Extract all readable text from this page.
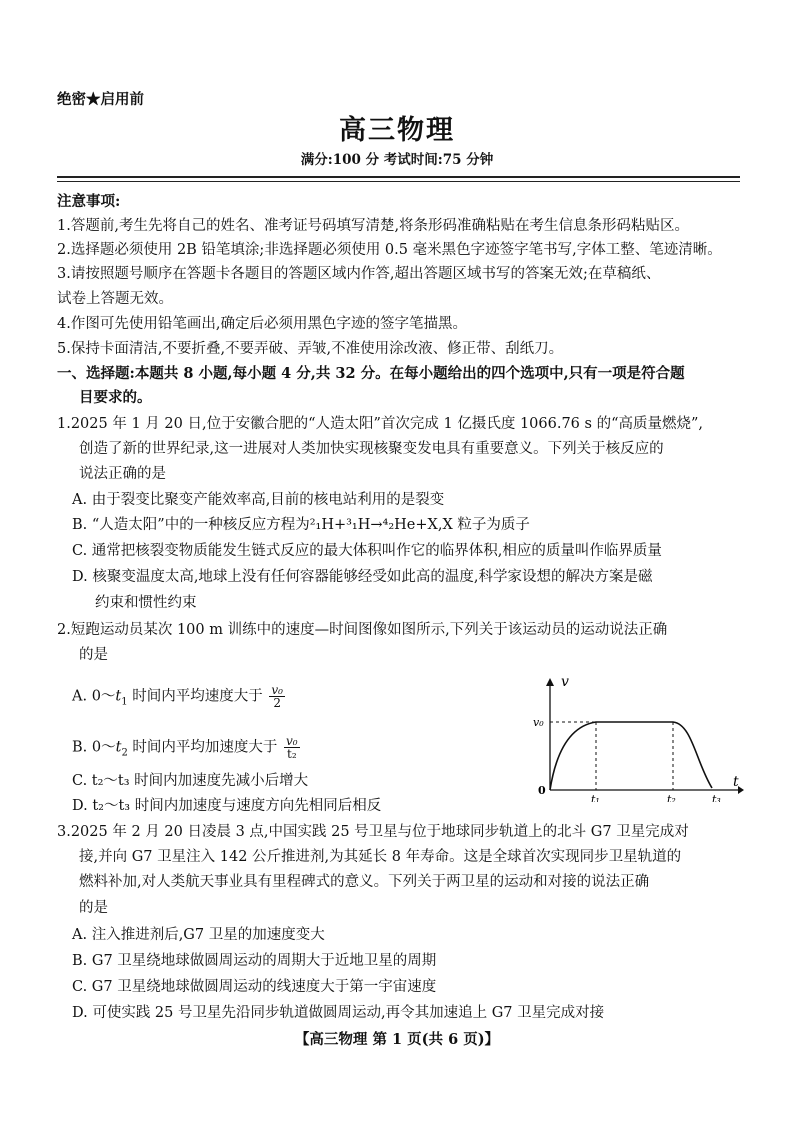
绝密★启用前
高三物理
满分:100 分 考试时间:75 分钟
注意事项:
1.答题前,考生先将自己的姓名、准考证号码填写清楚,将条形码准确粘贴在考生信息条形码粘贴区。
2.选择题必须使用 2B 铅笔填涂;非选择题必须使用 0.5 毫米黑色字迹签字笔书写,字体工整、笔迹清晰。
3.请按照题号顺序在答题卡各题目的答题区域内作答,超出答题区域书写的答案无效;在草稿纸、
试卷上答题无效。
4.作图可先使用铅笔画出,确定后必须用黑色字迹的签字笔描黑。
5.保持卡面清洁,不要折叠,不要弄破、弄皱,不准使用涂改液、修正带、刮纸刀。
一、选择题:本题共 8 小题,每小题 4 分,共 32 分。在每小题给出的四个选项中,只有一项是符合题
目要求的。
1.2025 年 1 月 20 日,位于安徽合肥的“人造太阳”首次完成 1 亿摄氏度 1066.76 s 的“高质量燃烧”,
创造了新的世界纪录,这一进展对人类加快实现核聚变发电具有重要意义。下列关于核反应的
说法正确的是
A. 由于裂变比聚变产能效率高,目前的核电站利用的是裂变
B. “人造太阳”中的一种核反应方程为²₁H+³₁H→⁴₂He+X,X 粒子为质子
C. 通常把核裂变物质能发生链式反应的最大体积叫作它的临界体积,相应的质量叫作临界质量
D. 核聚变温度太高,地球上没有任何容器能够经受如此高的温度,科学家设想的解决方案是磁
约束和惯性约束
2.短跑运动员某次 100 m 训练中的速度—时间图像如图所示,下列关于该运动员的运动说法正确
的是
A. $0\sim t_1$ 时间内平均速度大于 $\frac{\text{v₀}}{2}$
B. $0\sim t_2$ 时间内平均加速度大于 $\frac{\text{v₀}}{\text{t₂}}$
C. t₂～t₃ 时间内加速度先减小后增大
D. t₂～t₃ 时间内加速度与速度方向先相同后相反
v
t
v₀
0
t₁	t₂	t₃
3.2025 年 2 月 20 日凌晨 3 点,中国实践 25 号卫星与位于地球同步轨道上的北斗 G7 卫星完成对
接,并向 G7 卫星注入 142 公斤推进剂,为其延长 8 年寿命。这是全球首次实现同步卫星轨道的
燃料补加,对人类航天事业具有里程碑式的意义。下列关于两卫星的运动和对接的说法正确
的是
A. 注入推进剂后,G7 卫星的加速度变大
B. G7 卫星绕地球做圆周运动的周期大于近地卫星的周期
C. G7 卫星绕地球做圆周运动的线速度大于第一宇宙速度
D. 可使实践 25 号卫星先沿同步轨道做圆周运动,再令其加速追上 G7 卫星完成对接
【高三物理 第 1 页(共 6 页)】
